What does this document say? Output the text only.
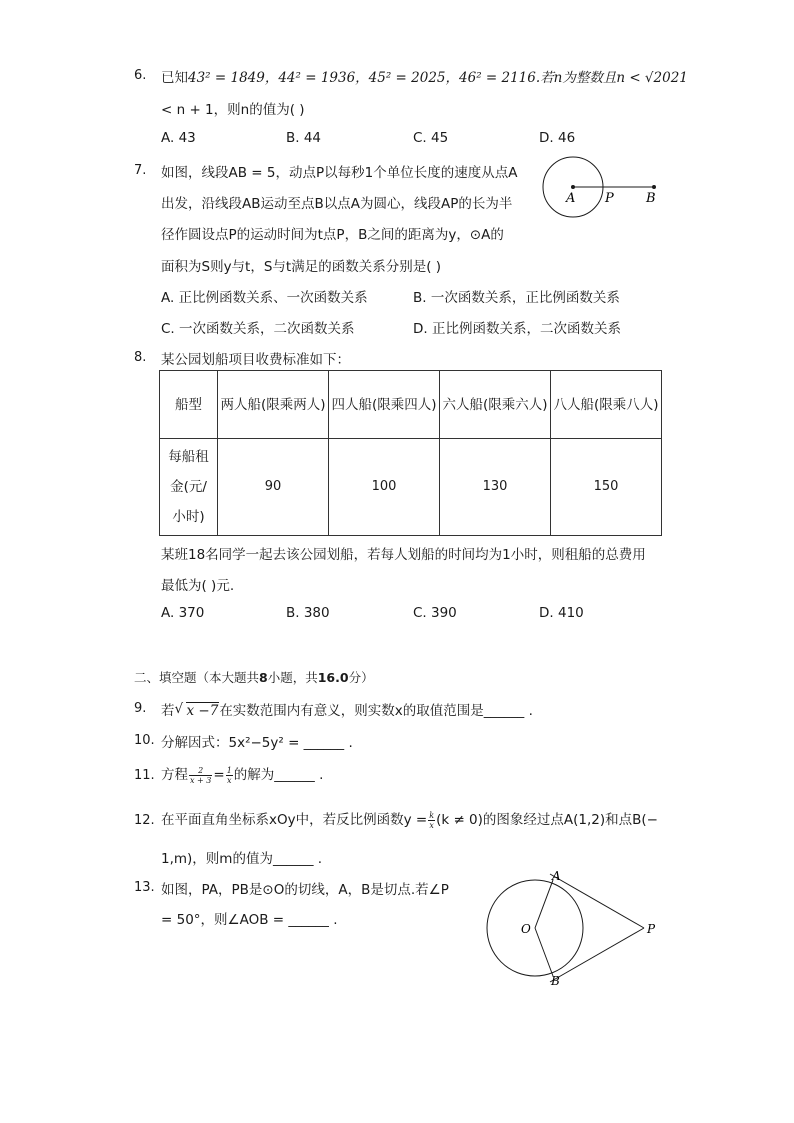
6. 已知43² = 1849，44² = 1936，45² = 2025，46² = 2116.若n为整数且n < √2021
< n + 1，则n的值为( )
A. 43	B. 44	C. 45	D. 46
7. 如图，线段AB = 5，动点P以每秒1个单位长度的速度从点A
出发，沿线段AB运动至点B以点A为圆心，线段AP的长为半
径作圆设点P的运动时间为t点P，B之间的距离为y，⊙A的
面积为S则y与t，S与t满足的函数关系分别是( )
A P B
A. 正比例函数关系、一次函数关系	B. 一次函数关系，正比例函数关系
C. 一次函数关系，二次函数关系	D. 正比例函数关系，二次函数关系
8. 某公园划船项目收费标准如下：
船型	两人船(限乘两人)	四人船(限乘四人)	六人船(限乘六人)	八人船(限乘八人)
每船租金(元/小时)	90	100	130	150
某班18名同学一起去该公园划船，若每人划船的时间均为1小时，则租船的总费用
最低为( )元.
A. 370	B. 380	C. 390	D. 410
二、填空题（本大题共8小题，共16.0分）
9. 若 √ x −7在实数范围内有意义，则实数x的取值范围是______ .
10. 分解因式：5x²−5y² = ______ .
11. 方程 $\frac{2}{x + 3} = \frac{1}{x}$ 的解为______ .
12. 在平面直角坐标系xOy中，若反比例函数$y = \frac{k}{x} (k \ne 0)$的图象经过点A(1,2)和点B(−
1,m)，则m的值为______ .
13. 如图，PA，PB是⊙O的切线，A，B是切点.若∠P
= 50°，则∠AOB = ______ .
A
O
B
P
